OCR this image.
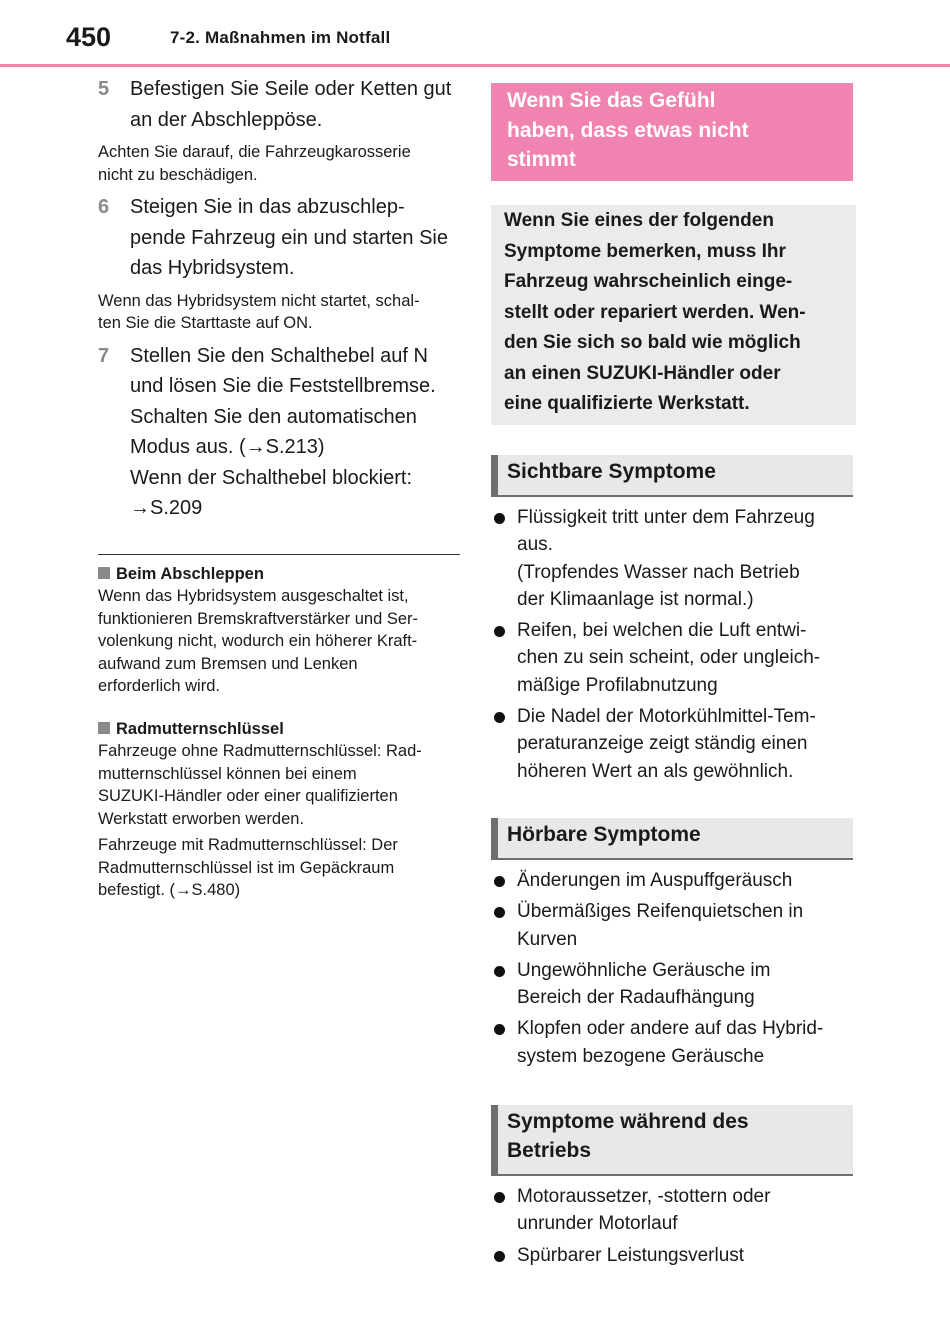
450	7-2. Maßnahmen im Notfall
5 Befestigen Sie Seile oder Ketten gut
an der Abschleppöse.
Achten Sie darauf, die Fahrzeugkarosserie
nicht zu beschädigen.
6 Steigen Sie in das abzuschlep-
pende Fahrzeug ein und starten Sie
das Hybridsystem.
Wenn das Hybridsystem nicht startet, schal-
ten Sie die Starttaste auf ON.
7 Stellen Sie den Schalthebel auf N
und lösen Sie die Feststellbremse.
Schalten Sie den automatischen
Modus aus. (→S.213)
Wenn der Schalthebel blockiert:
→S.209
Beim Abschleppen
Wenn das Hybridsystem ausgeschaltet ist,
funktionieren Bremskraftverstärker und Ser-
volenkung nicht, wodurch ein höherer Kraft-
aufwand zum Bremsen und Lenken
erforderlich wird.
Radmutternschlüssel
Fahrzeuge ohne Radmutternschlüssel: Rad-
mutternschlüssel können bei einem
SUZUKI-Händler oder einer qualifizierten
Werkstatt erworben werden.
Fahrzeuge mit Radmutternschlüssel: Der
Radmutternschlüssel ist im Gepäckraum
befestigt. (→S.480)
Wenn Sie das Gefühl
haben, dass etwas nicht
stimmt
Wenn Sie eines der folgenden
Symptome bemerken, muss Ihr
Fahrzeug wahrscheinlich einge-
stellt oder repariert werden. Wen-
den Sie sich so bald wie möglich
an einen SUZUKI-Händler oder
eine qualifizierte Werkstatt.
Sichtbare Symptome
Flüssigkeit tritt unter dem Fahrzeug
aus.
(Tropfendes Wasser nach Betrieb
der Klimaanlage ist normal.)
Reifen, bei welchen die Luft entwi-
chen zu sein scheint, oder ungleich-
mäßige Profilabnutzung
Die Nadel der Motorkühlmittel-Tem-
peraturanzeige zeigt ständig einen
höheren Wert an als gewöhnlich.
Hörbare Symptome
Änderungen im Auspuffgeräusch
Übermäßiges Reifenquietschen in
Kurven
Ungewöhnliche Geräusche im
Bereich der Radaufhängung
Klopfen oder andere auf das Hybrid-
system bezogene Geräusche
Symptome während des
Betriebs
Motoraussetzer, -stottern oder
unrunder Motorlauf
Spürbarer Leistungsverlust
